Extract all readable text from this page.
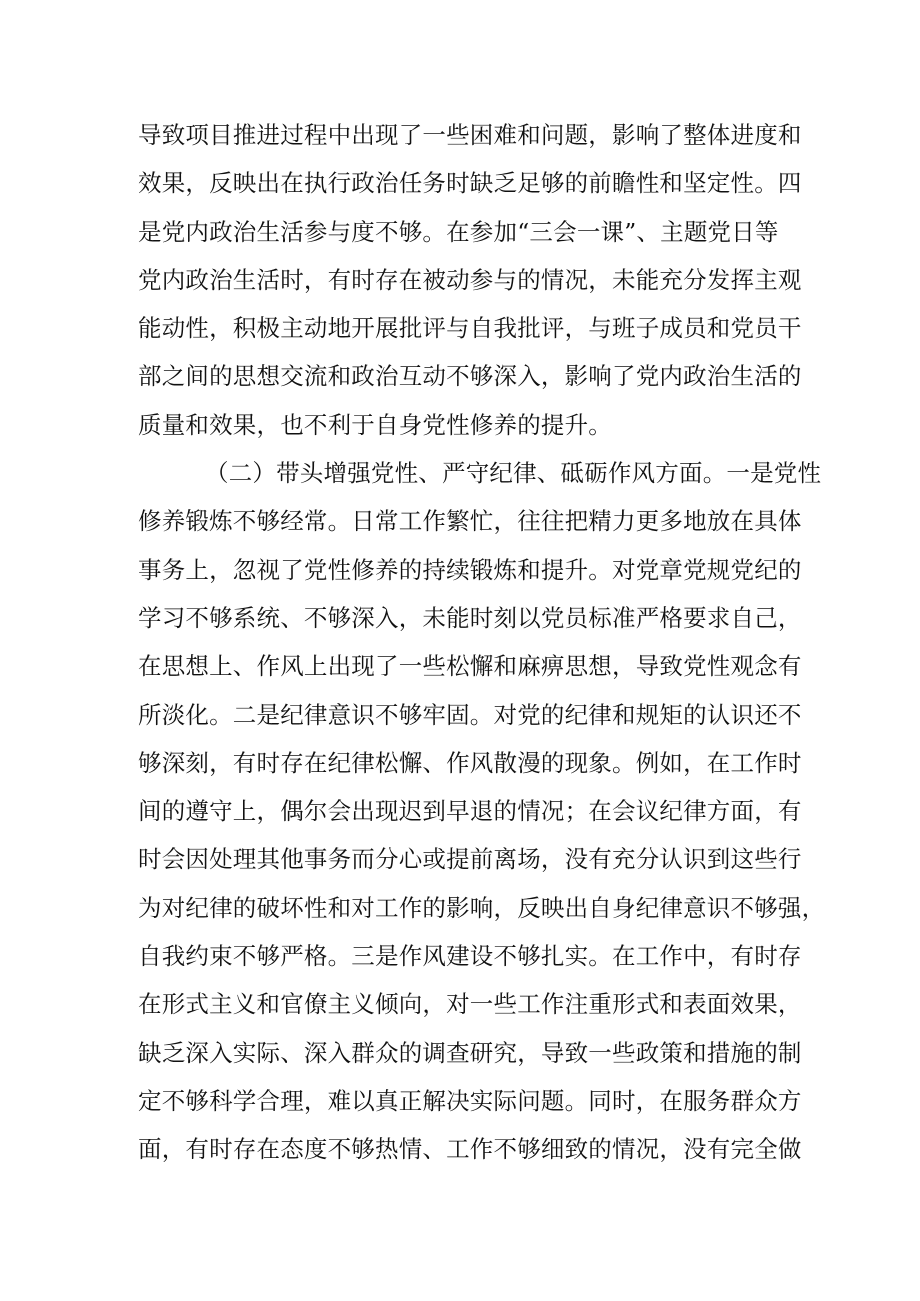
导致项目推进过程中出现了一些困难和问题，影响了整体进度和
效果，反映出在执行政治任务时缺乏足够的前瞻性和坚定性。四
是党内政治生活参与度不够。在参加“三会一课”、主题党日等
党内政治生活时，有时存在被动参与的情况，未能充分发挥主观
能动性，积极主动地开展批评与自我批评，与班子成员和党员干
部之间的思想交流和政治互动不够深入，影响了党内政治生活的
质量和效果，也不利于自身党性修养的提升。
（二）带头增强党性、严守纪律、砥砺作风方面。一是党性
修养锻炼不够经常。日常工作繁忙，往往把精力更多地放在具体
事务上，忽视了党性修养的持续锻炼和提升。对党章党规党纪的
学习不够系统、不够深入，未能时刻以党员标准严格要求自己，
在思想上、作风上出现了一些松懈和麻痹思想，导致党性观念有
所淡化。二是纪律意识不够牢固。对党的纪律和规矩的认识还不
够深刻，有时存在纪律松懈、作风散漫的现象。例如，在工作时
间的遵守上，偶尔会出现迟到早退的情况；在会议纪律方面，有
时会因处理其他事务而分心或提前离场，没有充分认识到这些行
为对纪律的破坏性和对工作的影响，反映出自身纪律意识不够强，
自我约束不够严格。三是作风建设不够扎实。在工作中，有时存
在形式主义和官僚主义倾向，对一些工作注重形式和表面效果，
缺乏深入实际、深入群众的调查研究，导致一些政策和措施的制
定不够科学合理，难以真正解决实际问题。同时，在服务群众方
面，有时存在态度不够热情、工作不够细致的情况，没有完全做
